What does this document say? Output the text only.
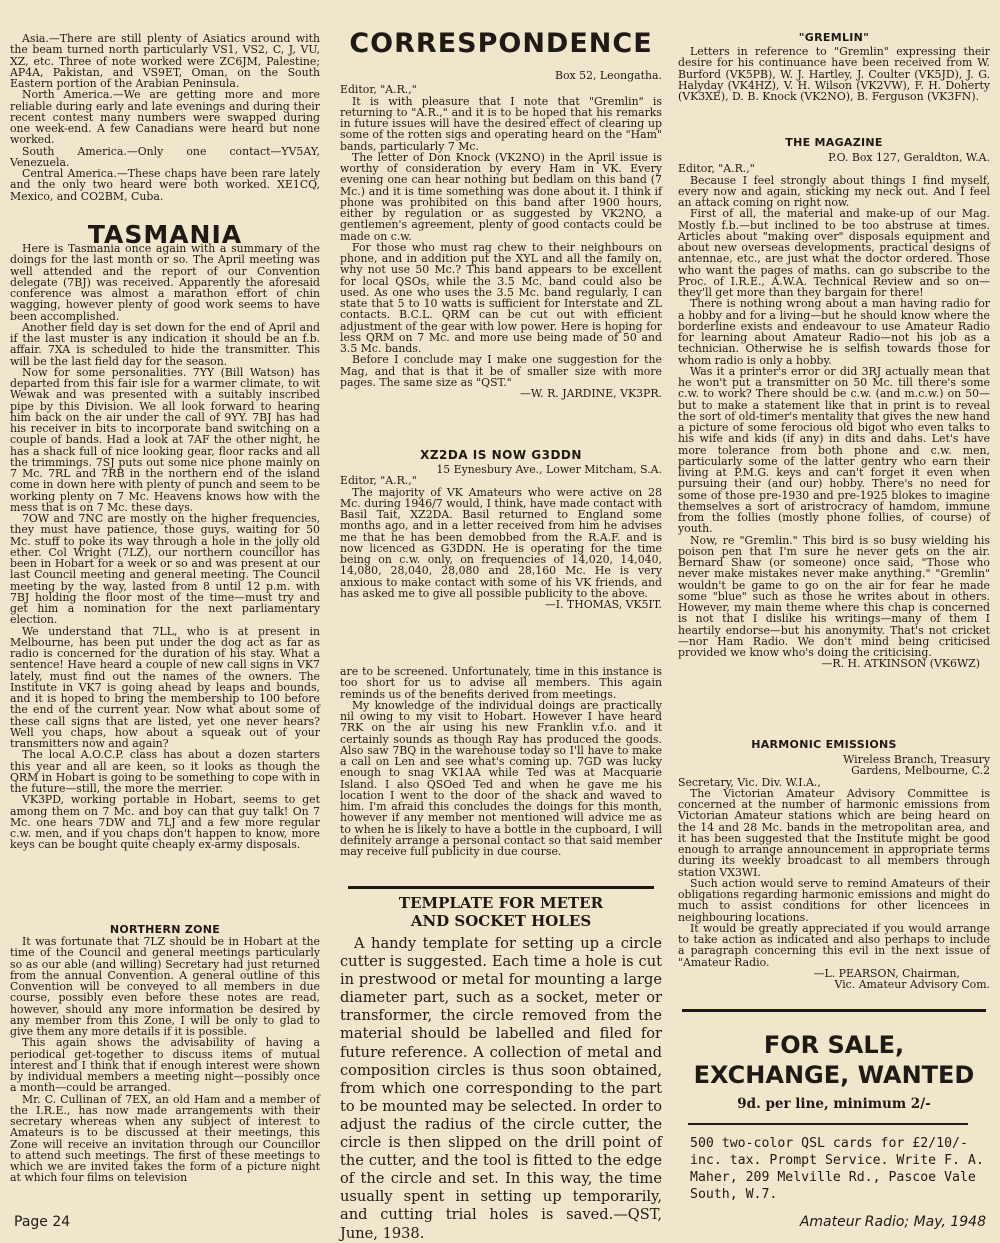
Asia.—There are still plenty of Asiatics around with the beam turned north particularly VS1, VS2, C, J, VU, XZ, etc. Three of note worked were ZC6JM, Palestine; AP4A, Pakistan, and VS9ET, Oman, on the South Eastern portion of the Arabian Peninsula.

North America.—We are getting more and more reliable during early and late evenings and during their recent contest many numbers were swapped during one week-end. A few Canadians were heard but none worked.

South America.—Only one contact—YV5AY, Venezuela.

Central America.—These chaps have been rare lately and the only two heard were both worked. XE1CQ, Mexico, and CO2BM, Cuba.

TASMANIA

Here is Tasmania once again with a summary of the doings for the last month or so. The April meeting was well attended and the report of our Convention delegate (7BJ) was received. Apparently the aforesaid conference was almost a marathon effort of chin wagging, however plenty of good work seems to have been accomplished.

Another field day is set down for the end of April and if the last muster is any indication it should be an f.b. affair. 7XA is scheduled to hide the transmitter. This will be the last field day for the season.

Now for some personalities. 7YY (Bill Watson) has departed from this fair isle for a warmer climate, to wit Wewak and was presented with a suitably inscribed pipe by this Division. We all look forward to hearing him back on the air under the call of 9YY. 7BJ has had his receiver in bits to incorporate band switching on a couple of bands. Had a look at 7AF the other night, he has a shack full of nice looking gear, floor racks and all the trimmings. 7SJ puts out some nice phone mainly on 7 Mc. 7RL and 7RB in the northern end of the island come in down here with plenty of punch and seem to be working plenty on 7 Mc. Heavens knows how with the mess that is on 7 Mc. these days.

7OW and 7NC are mostly on the higher frequencies, they must have patience, those guys, waiting for 50 Mc. stuff to poke its way through a hole in the jolly old ether. Col Wright (7LZ), our northern councillor has been in Hobart for a week or so and was present at our last Council meeting and general meeting. The Council meeting by the way, lasted from 8 until 12 p.m. with 7BJ holding the floor most of the time—must try and get him a nomination for the next parliamentary election.

We understand that 7LL, who is at present in Melbourne, has been put under the dog act as far as radio is concerned for the duration of his stay. What a sentence! Have heard a couple of new call signs in VK7 lately, must find out the names of the owners. The Institute in VK7 is going ahead by leaps and bounds, and it is hoped to bring the membership to 100 before the end of the current year. Now what about some of these call signs that are listed, yet one never hears? Well you chaps, how about a squeak out of your transmitters now and again?

The local A.O.C.P. class has about a dozen starters this year and all are keen, so it looks as though the QRM in Hobart is going to be something to cope with in the future—still, the more the merrier.

VK3PD, working portable in Hobart, seems to get among them on 7 Mc. and boy can that guy talk! On 7 Mc. one hears 7DW and 7LJ and a few more regular c.w. men, and if you chaps don't happen to know, more keys can be bought quite cheaply ex-army disposals.

NORTHERN ZONE

It was fortunate that 7LZ should be in Hobart at the time of the Council and general meetings particularly so as our able (and willing) Secretary had just returned from the annual Convention. A general outline of this Convention will be conveyed to all members in due course, possibly even before these notes are read, however, should any more information be desired by any member from this Zone, I will be only to glad to give them any more details if it is possible.

This again shows the advisability of having a periodical get-together to discuss items of mutual interest and I think that if enough interest were shown by individual members a meeting night—possibly once a month—could be arranged.

Mr. C. Cullinan of 7EX, an old Ham and a member of the I.R.E., has now made arrangements with their secretary whereas when any subject of interest to Amateurs is to be discussed at their meetings, this Zone will receive an invitation through our Councillor to attend such meetings. The first of these meetings to which we are invited takes the form of a picture night at which four films on television

CORRESPONDENCE

Box 52, Leongatha.

Editor, "A.R.,"

It is with pleasure that I note that "Gremlin" is returning to "A.R.," and it is to be hoped that his remarks in future issues will have the desired effect of clearing up some of the rotten sigs and operating heard on the "Ham" bands, particularly 7 Mc.

The letter of Don Knock (VK2NO) in the April issue is worthy of consideration by every Ham in VK. Every evening one can hear nothing but bedlam on this band (7 Mc.) and it is time something was done about it. I think if phone was prohibited on this band after 1900 hours, either by regulation or as suggested by VK2NO, a gentlemen's agreement, plenty of good contacts could be made on c.w.

For those who must rag chew to their neighbours on phone, and in addition put the XYL and all the family on, why not use 50 Mc.? This band appears to be excellent for local QSOs, while the 3.5 Mc. band could also be used. As one who uses the 3.5 Mc. band regularly, I can state that 5 to 10 watts is sufficient for Interstate and ZL contacts. B.C.L. QRM can be cut out with efficient adjustment of the gear with low power. Here is hoping for less QRM on 7 Mc. and more use being made of 50 and 3.5 Mc. bands.

Before I conclude may I make one suggestion for the Mag, and that is that it be of smaller size with more pages. The same size as "QST."

—W. R. JARDINE, VK3PR.

XZ2DA IS NOW G3DDN

15 Eynesbury Ave., Lower Mitcham, S.A.

Editor, "A.R.,"

The majority of VK Amateurs who were active on 28 Mc. during 1946/7 would, I think, have made contact with Basil Tait, XZ2DA. Basil returned to England some months ago, and in a letter received from him he advises me that he has been demobbed from the R.A.F. and is now licenced as G3DDN. He is operating for the time being on c.w. only, on frequencies of 14,020, 14,040, 14,080, 28,040, 28,080 and 28,160 Mc. He is very anxious to make contact with some of his VK friends, and has asked me to give all possible publicity to the above.

—I. THOMAS, VK5IT.

are to be screened. Unfortunately, time in this instance is too short for us to advise all members. This again reminds us of the benefits derived from meetings.

My knowledge of the individual doings are practically nil owing to my visit to Hobart. However I have heard 7RK on the air using his new Franklin v.f.o. and it certainly sounds as though Ray has produced the goods. Also saw 7BQ in the warehouse today so I'll have to make a call on Len and see what's coming up. 7GD was lucky enough to snag VK1AA while Ted was at Macquarie Island. I also QSOed Ted and when he gave me his location I went to the door of the shack and waved to him. I'm afraid this concludes the doings for this month, however if any member not mentioned will advice me as to when he is likely to have a bottle in the cupboard, I will definitely arrange a personal contact so that said member may receive full publicity in due course.

TEMPLATE FOR METER AND SOCKET HOLES

A handy template for setting up a circle cutter is suggested. Each time a hole is cut in prestwood or metal for mounting a large diameter part, such as a socket, meter or transformer, the circle removed from the material should be labelled and filed for future reference. A collection of metal and composition circles is thus soon obtained, from which one corresponding to the part to be mounted may be selected. In order to adjust the radius of the circle cutter, the circle is then slipped on the drill point of the cutter, and the tool is fitted to the edge of the circle and set. In this way, the time usually spent in setting up temporarily, and cutting trial holes is saved.—QST, June, 1938.

"GREMLIN"

Letters in reference to "Gremlin" expressing their desire for his continuance have been received from W. Burford (VK5PB), W. J. Hartley, J. Coulter (VK5JD), J. G. Halyday (VK4HZ), V. H. Wilson (VK2VW), F. H. Doherty (VK3XE), D. B. Knock (VK2NO), B. Ferguson (VK3FN).

THE MAGAZINE

P.O. Box 127, Geraldton, W.A.

Editor, "A.R.,"

Because I feel strongly about things I find myself, every now and again, sticking my neck out. And I feel an attack coming on right now.

First of all, the material and make-up of our Mag. Mostly f.b.—but inclined to be too abstruse at times. Articles about "making over" disposals equipment and about new overseas developments, practical designs of antennae, etc., are just what the doctor ordered. Those who want the pages of maths. can go subscribe to the Proc. of I.R.E., A.W.A. Technical Review and so on—they'll get more than they bargain for there!

There is nothing wrong about a man having radio for a hobby and for a living—but he should know where the borderline exists and endeavour to use Amateur Radio for learning about Amateur Radio—not his job as a technician. Otherwise he is selfish towards those for whom radio is only a hobby.

Was it a printer's error or did 3RJ actually mean that he won't put a transmitter on 50 Mc. till there's some c.w. to work? There should be c.w. (and m.c.w.) on 50—but to make a statement like that in print is to reveal the sort of old-timer's mentality that gives the new hand a picture of some ferocious old bigot who even talks to his wife and kids (if any) in dits and dahs. Let's have more tolerance from both phone and c.w. men, particularly some of the latter gentry who earn their living at P.M.G. keys and can't forget it even when pursuing their (and our) hobby. There's no need for some of those pre-1930 and pre-1925 blokes to imagine themselves a sort of aristrocracy of hamdom, immune from the follies (mostly phone follies, of course) of youth.

Now, re "Gremlin." This bird is so busy wielding his poison pen that I'm sure he never gets on the air. Bernard Shaw (or someone) once said, "Those who never make mistakes never make anything." "Gremlin" wouldn't be game to go on the air for fear he made some "blue" such as those he writes about in others. However, my main theme where this chap is concerned is not that I dislike his writings—many of them I heartily endorse—but his anonymity. That's not cricket—nor Ham Radio. We don't mind being criticised provided we know who's doing the criticising.

—R. H. ATKINSON (VK6WZ)

HARMONIC EMISSIONS

Wireless Branch, Treasury Gardens, Melbourne, C.2

Secretary, Vic. Div. W.I.A.,

The Victorian Amateur Advisory Committee is concerned at the number of harmonic emissions from Victorian Amateur stations which are being heard on the 14 and 28 Mc. bands in the metropolitan area, and it has been suggested that the Institute might be good enough to arrange announcement in appropriate terms during its weekly broadcast to all members through station VX3WI.

Such action would serve to remind Amateurs of their obligations regarding harmonic emissions and might do much to assist conditions for other licencees in neighbouring locations.

It would be greatly appreciated if you would arrange to take action as indicated and also perhaps to include a paragraph concerning this evil in the next issue of "Amateur Radio.

—L. PEARSON, Chairman,

Vic. Amateur Advisory Com.

FOR SALE,
EXCHANGE, WANTED
9d. per line, minimum 2/-

500 two-color QSL cards for £2/10/- inc. tax. Prompt Service. Write F. A. Maher, 209 Melville Rd., Pascoe Vale South, W.7.

Page 24	Amateur Radio; May, 1948
